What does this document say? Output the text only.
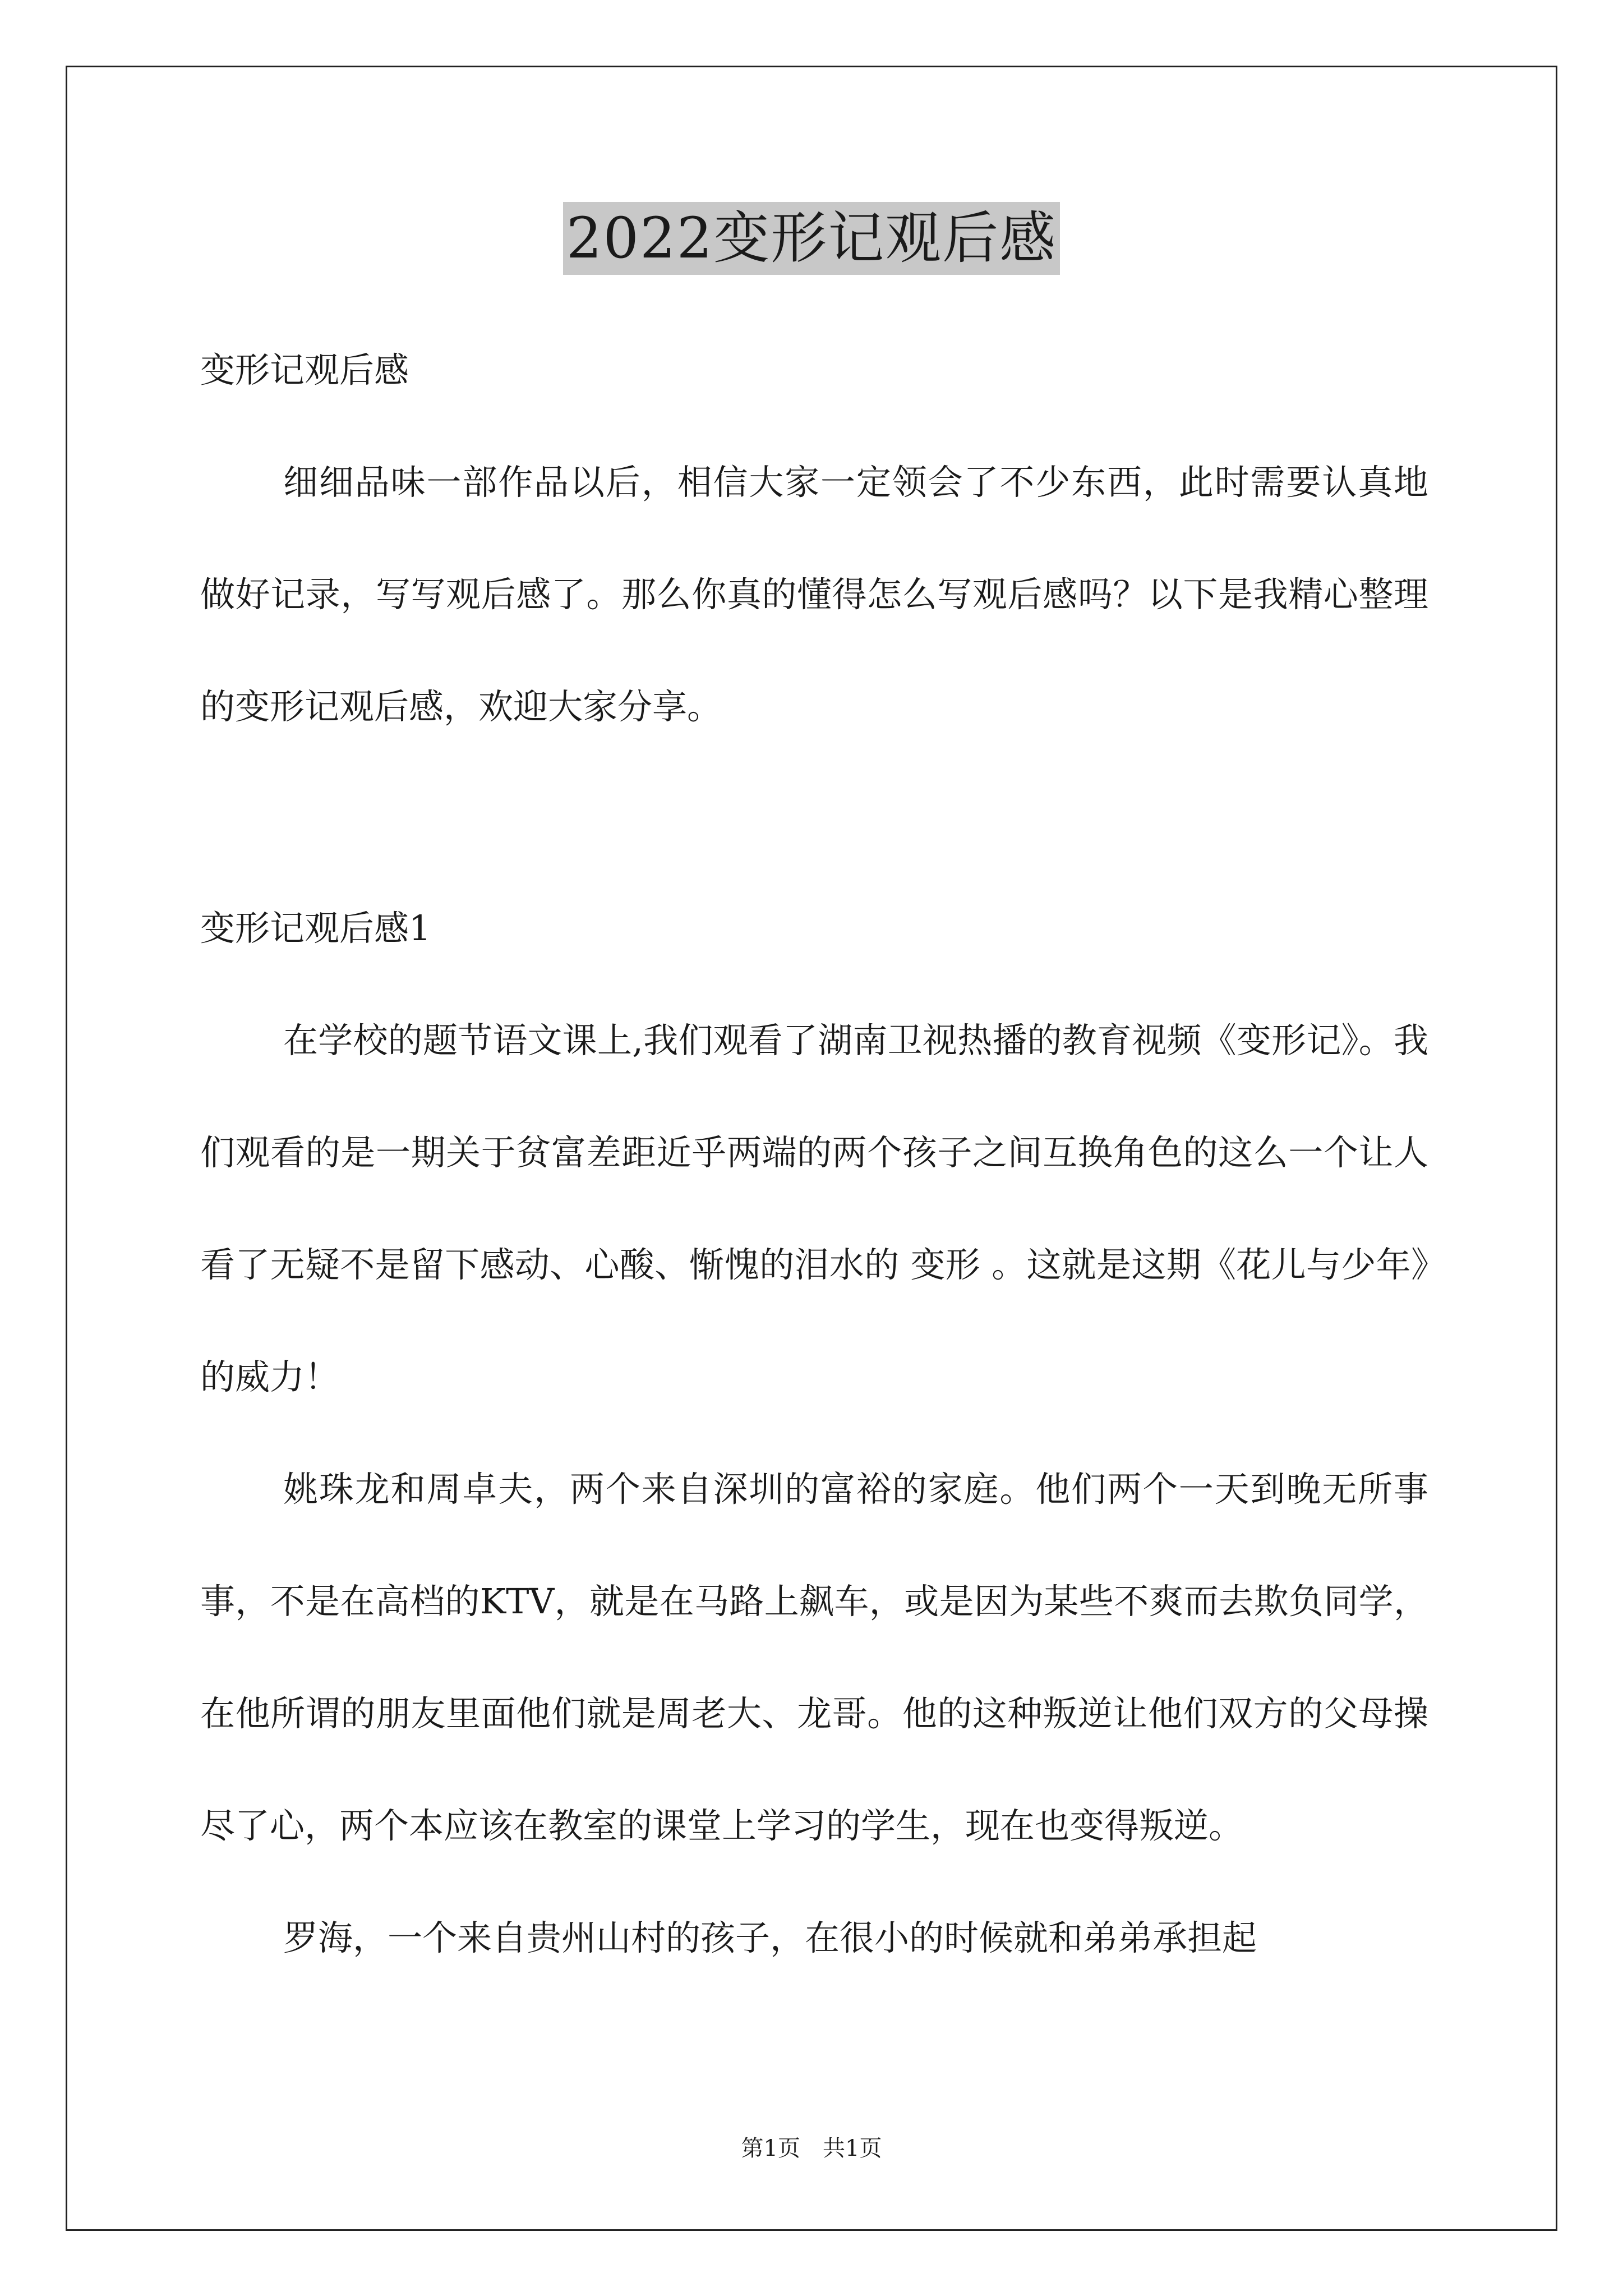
2022变形记观后感

变形记观后感

细细品味一部作品以后，相信大家一定领会了不少东西，此时需要认真地做好记录，写写观后感了。那么你真的懂得怎么写观后感吗？以下是我精心整理的变形记观后感，欢迎大家分享。

变形记观后感1

在学校的题节语文课上,我们观看了湖南卫视热播的教育视频《变形记》。我们观看的是一期关于贫富差距近乎两端的两个孩子之间互换角色的这么一个让人看了无疑不是留下感动、心酸、惭愧的泪水的 变形 。这就是这期《花儿与少年》的威力！

姚珠龙和周卓夫，两个来自深圳的富裕的家庭。他们两个一天到晚无所事事，不是在高档的KTV，就是在马路上飙车，或是因为某些不爽而去欺负同学，在他所谓的朋友里面他们就是周老大、龙哥。他的这种叛逆让他们双方的父母操尽了心，两个本应该在教室的课堂上学习的学生，现在也变得叛逆。

罗海，一个来自贵州山村的孩子，在很小的时候就和弟弟承担起

第1页　共1页
